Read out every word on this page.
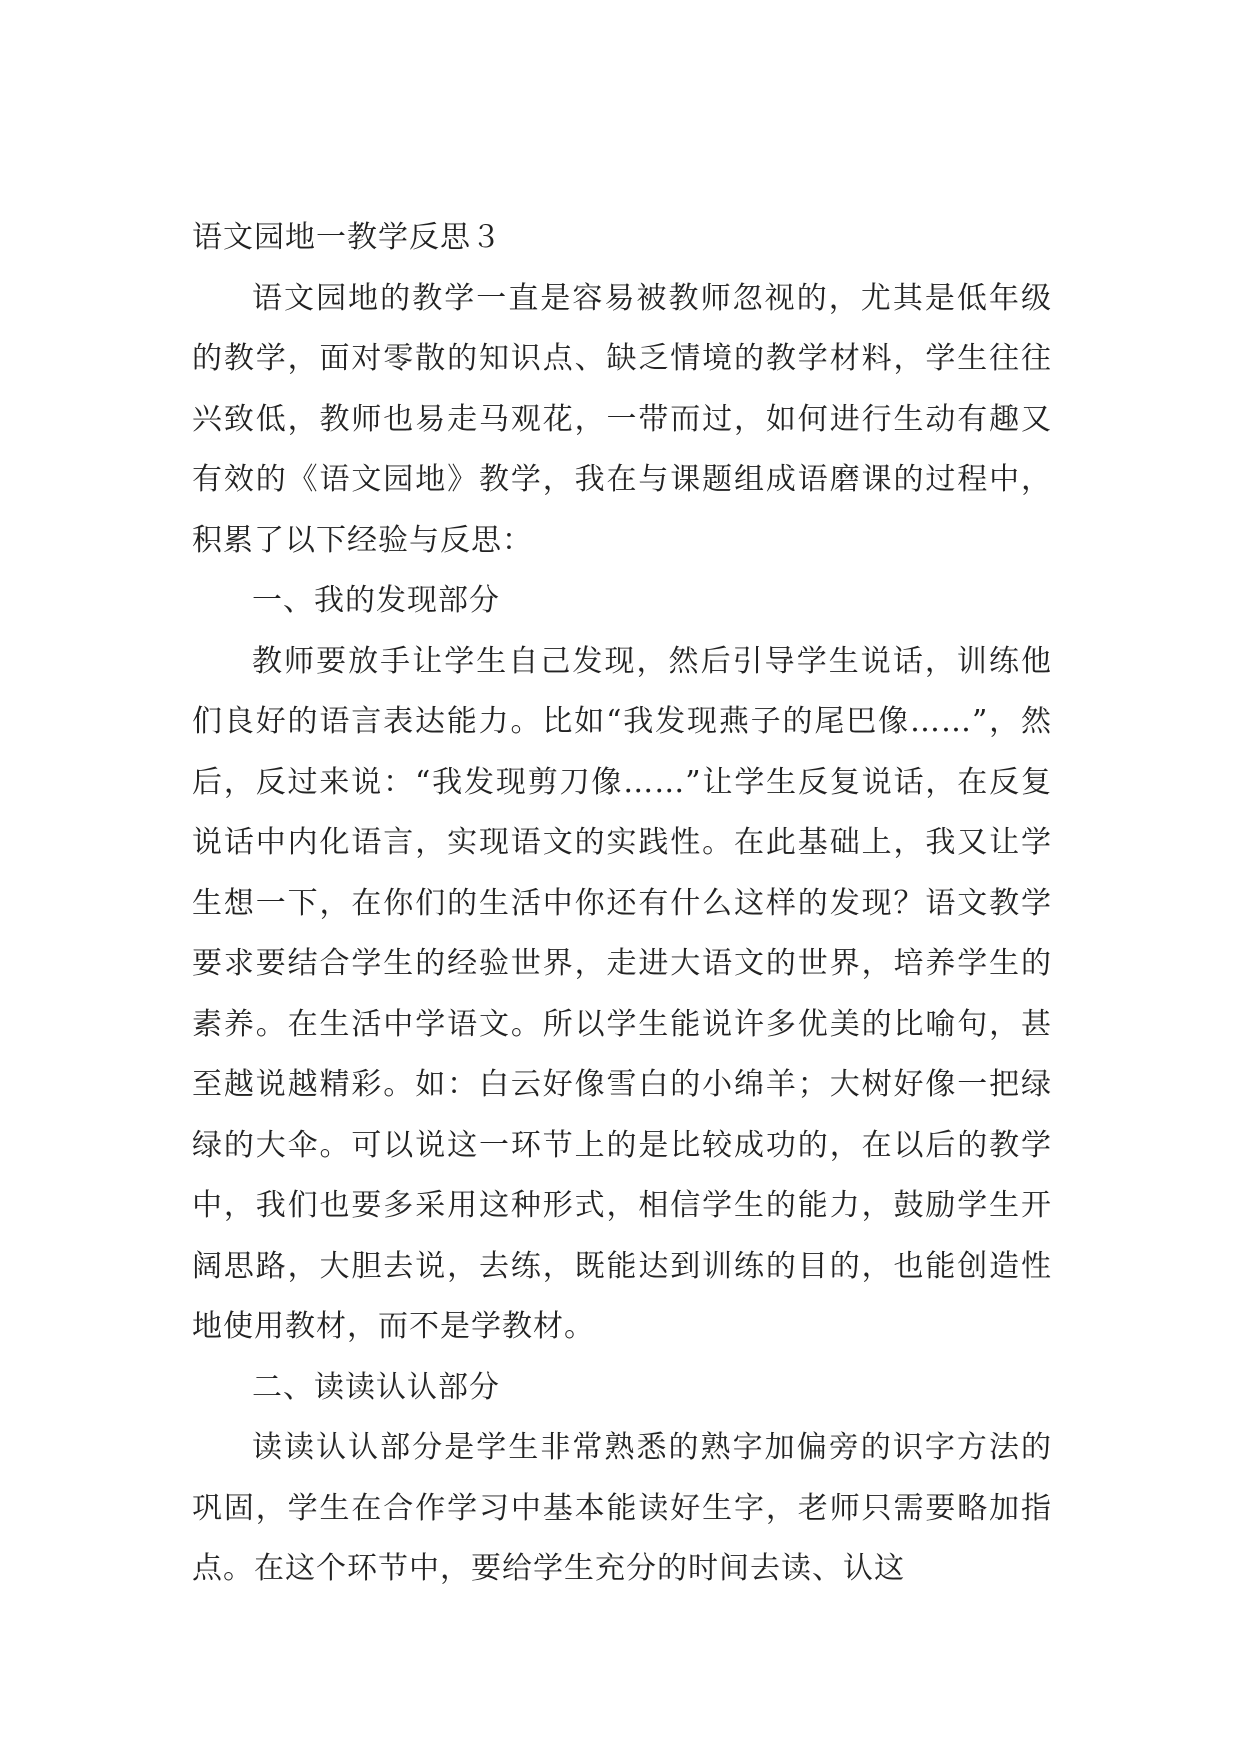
语文园地一教学反思３

语文园地的教学一直是容易被教师忽视的，尤其是低年级的教学，面对零散的知识点、缺乏情境的教学材料，学生往往兴致低，教师也易走马观花，一带而过，如何进行生动有趣又有效的《语文园地》教学，我在与课题组成语磨课的过程中，积累了以下经验与反思：

一、我的发现部分

教师要放手让学生自己发现，然后引导学生说话，训练他们良好的语言表达能力。比如“我发现燕子的尾巴像……”，然后，反过来说：“我发现剪刀像……”让学生反复说话，在反复说话中内化语言，实现语文的实践性。在此基础上，我又让学生想一下，在你们的生活中你还有什么这样的发现？语文教学要求要结合学生的经验世界，走进大语文的世界，培养学生的素养。在生活中学语文。所以学生能说许多优美的比喻句，甚至越说越精彩。如：白云好像雪白的小绵羊；大树好像一把绿绿的大伞。可以说这一环节上的是比较成功的，在以后的教学中，我们也要多采用这种形式，相信学生的能力，鼓励学生开阔思路，大胆去说，去练，既能达到训练的目的，也能创造性地使用教材，而不是学教材。

二、读读认认部分

读读认认部分是学生非常熟悉的熟字加偏旁的识字方法的巩固，学生在合作学习中基本能读好生字，老师只需要略加指点。在这个环节中，要给学生充分的时间去读、认这
